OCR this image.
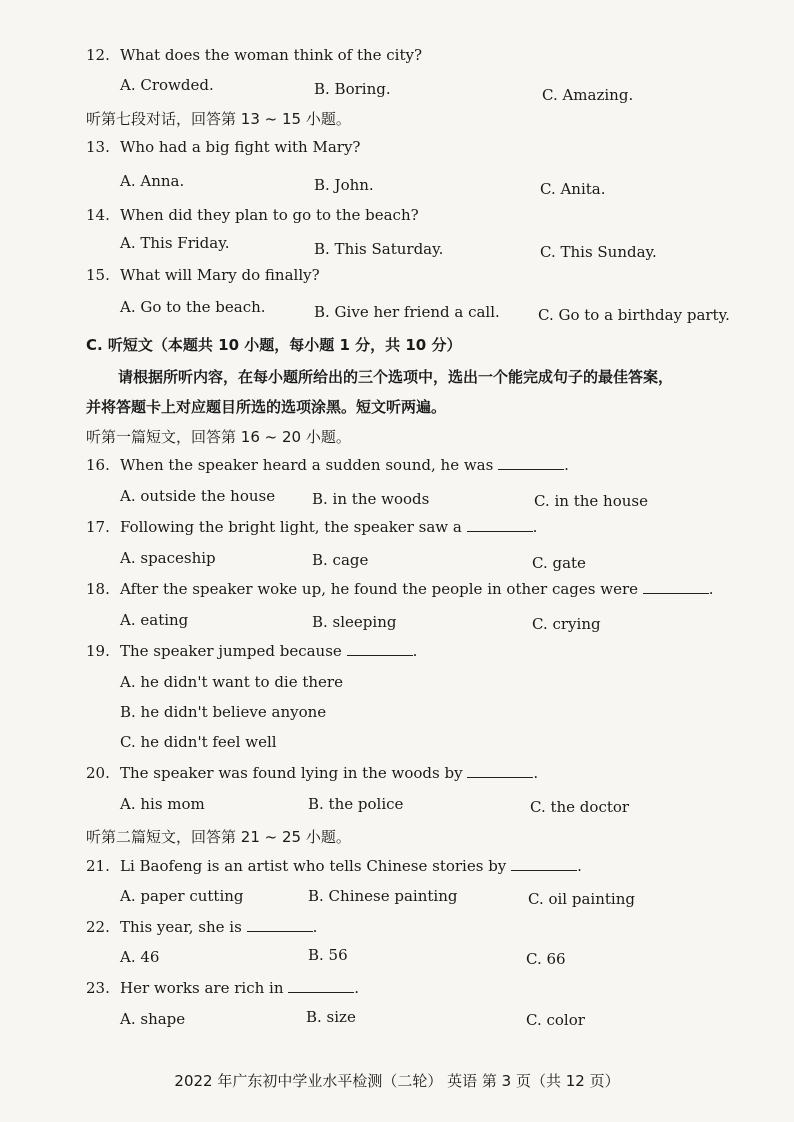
12. What does the woman think of the city?
A. Crowded.	B. Boring.	C. Amazing.
听第七段对话，回答第 13 ~ 15 小题。
13. Who had a big fight with Mary?
A. Anna.	B. John.	C. Anita.
14. When did they plan to go to the beach?
A. This Friday.	B. This Saturday.	C. This Sunday.
15. What will Mary do finally?
A. Go to the beach.	B. Give her friend a call.	C. Go to a birthday party.
C. 听短文（本题共 10 小题，每小题 1 分，共 10 分）
请根据所听内容，在每小题所给出的三个选项中，选出一个能完成句子的最佳答案，
并将答题卡上对应题目所选的选项涂黑。短文听两遍。
听第一篇短文，回答第 16 ~ 20 小题。
16. When the speaker heard a sudden sound, he was	.
A. outside the house B. in the woods	C. in the house
17. Following the bright light, the speaker saw a	.
A. spaceship	B. cage	C. gate
18. After the speaker woke up, he found the people in other cages were	.
A. eating	B. sleeping	C. crying
19. The speaker jumped because	.
A. he didn't want to die there
B. he didn't believe anyone
C. he didn't feel well
20. The speaker was found lying in the woods by	.
A. his mom	B. the police	C. the doctor
听第二篇短文，回答第 21 ~ 25 小题。
21. Li Baofeng is an artist who tells Chinese stories by	.
A. paper cutting	B. Chinese painting	C. oil painting
22. This year, she is	.
A. 46	B. 56	C. 66
23. Her works are rich in	.
A. shape	B. size	C. color
2022 年广东初中学业水平检测（二轮） 英语 第 3 页（共 12 页）
